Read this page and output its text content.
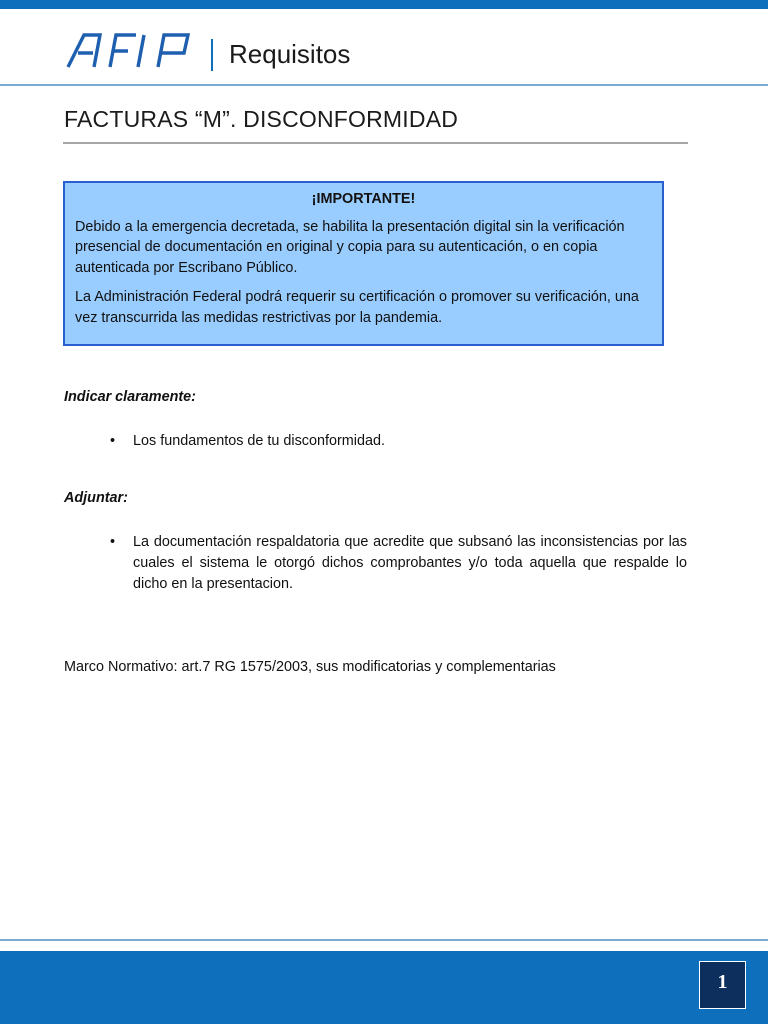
Requisitos
FACTURAS “M”. DISCONFORMIDAD
¡IMPORTANTE!

Debido a la emergencia decretada, se habilita la presentación digital sin la verificación presencial de documentación en original y copia para su autenticación, o en copia autenticada por Escribano Público.

La Administración Federal podrá requerir su certificación o promover su verificación, una vez transcurrida las medidas restrictivas por la pandemia.

Indicar claramente:
•	Los fundamentos de tu disconformidad.
Adjuntar:
•	La documentación respaldatoria que acredite que subsanó las inconsistencias por las cuales el sistema le otorgó dichos comprobantes y/o toda aquella que respalde lo dicho en la presentacion.
Marco Normativo: art.7 RG 1575/2003, sus modificatorias y complementarias
1
